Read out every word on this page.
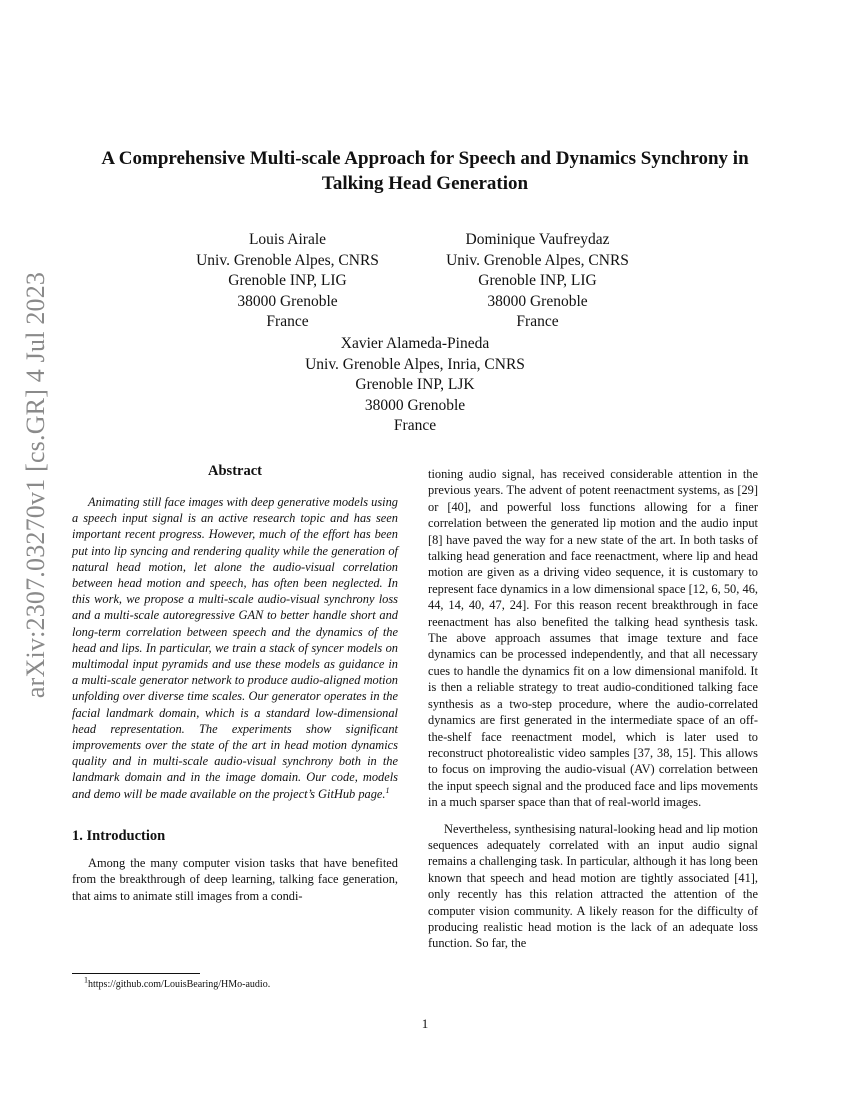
arXiv:2307.03270v1 [cs.GR] 4 Jul 2023
A Comprehensive Multi-scale Approach for Speech and Dynamics Synchrony in
Talking Head Generation
Louis Airale
Univ. Grenoble Alpes, CNRS
Grenoble INP, LIG
38000 Grenoble
France
Dominique Vaufreydaz
Univ. Grenoble Alpes, CNRS
Grenoble INP, LIG
38000 Grenoble
France
Xavier Alameda-Pineda
Univ. Grenoble Alpes, Inria, CNRS
Grenoble INP, LJK
38000 Grenoble
France
Abstract

Animating still face images with deep generative models using a speech input signal is an active research topic and has seen important recent progress. However, much of the effort has been put into lip syncing and rendering quality while the generation of natural head motion, let alone the audio-visual correlation between head motion and speech, has often been neglected. In this work, we propose a multi-scale audio-visual synchrony loss and a multi-scale autoregressive GAN to better handle short and long-term correlation between speech and the dynamics of the head and lips. In particular, we train a stack of syncer models on multimodal input pyramids and use these models as guidance in a multi-scale generator network to produce audio-aligned motion unfolding over diverse time scales. Our generator operates in the facial landmark domain, which is a standard low-dimensional head representation. The experiments show significant improvements over the state of the art in head motion dynamics quality and in multi-scale audio-visual synchrony both in the landmark domain and in the image domain. Our code, models and demo will be made available on the project’s GitHub page.$^1$

1. Introduction

Among the many computer vision tasks that have benefited from the breakthrough of deep learning, talking face generation, that aims to animate still images from a condi-

tioning audio signal, has received considerable attention in the previous years. The advent of potent reenactment systems, as [29] or [40], and powerful loss functions allowing for a finer correlation between the generated lip motion and the audio input [8] have paved the way for a new state of the art. In both tasks of talking head generation and face reenactment, where lip and head motion are given as a driving video sequence, it is customary to represent face dynamics in a low dimensional space [12, 6, 50, 46, 44, 14, 40, 47, 24]. For this reason recent breakthrough in face reenactment has also benefited the talking head synthesis task. The above approach assumes that image texture and face dynamics can be processed independently, and that all necessary cues to handle the dynamics fit on a low dimensional manifold. It is then a reliable strategy to treat audio-conditioned talking face synthesis as a two-step procedure, where the audio-correlated dynamics are first generated in the intermediate space of an off-the-shelf face reenactment model, which is later used to reconstruct photorealistic video samples [37, 38, 15]. This allows to focus on improving the audio-visual (AV) correlation between the input speech signal and the produced face and lips movements in a much sparser space than that of real-world images.

Nevertheless, synthesising natural-looking head and lip motion sequences adequately correlated with an input audio signal remains a challenging task. In particular, although it has long been known that speech and head motion are tightly associated [41], only recently has this relation attracted the attention of the computer vision community. A likely reason for the difficulty of producing realistic head motion is the lack of an adequate loss function. So far, the

$^1$https://github.com/LouisBearing/HMo-audio.
1
